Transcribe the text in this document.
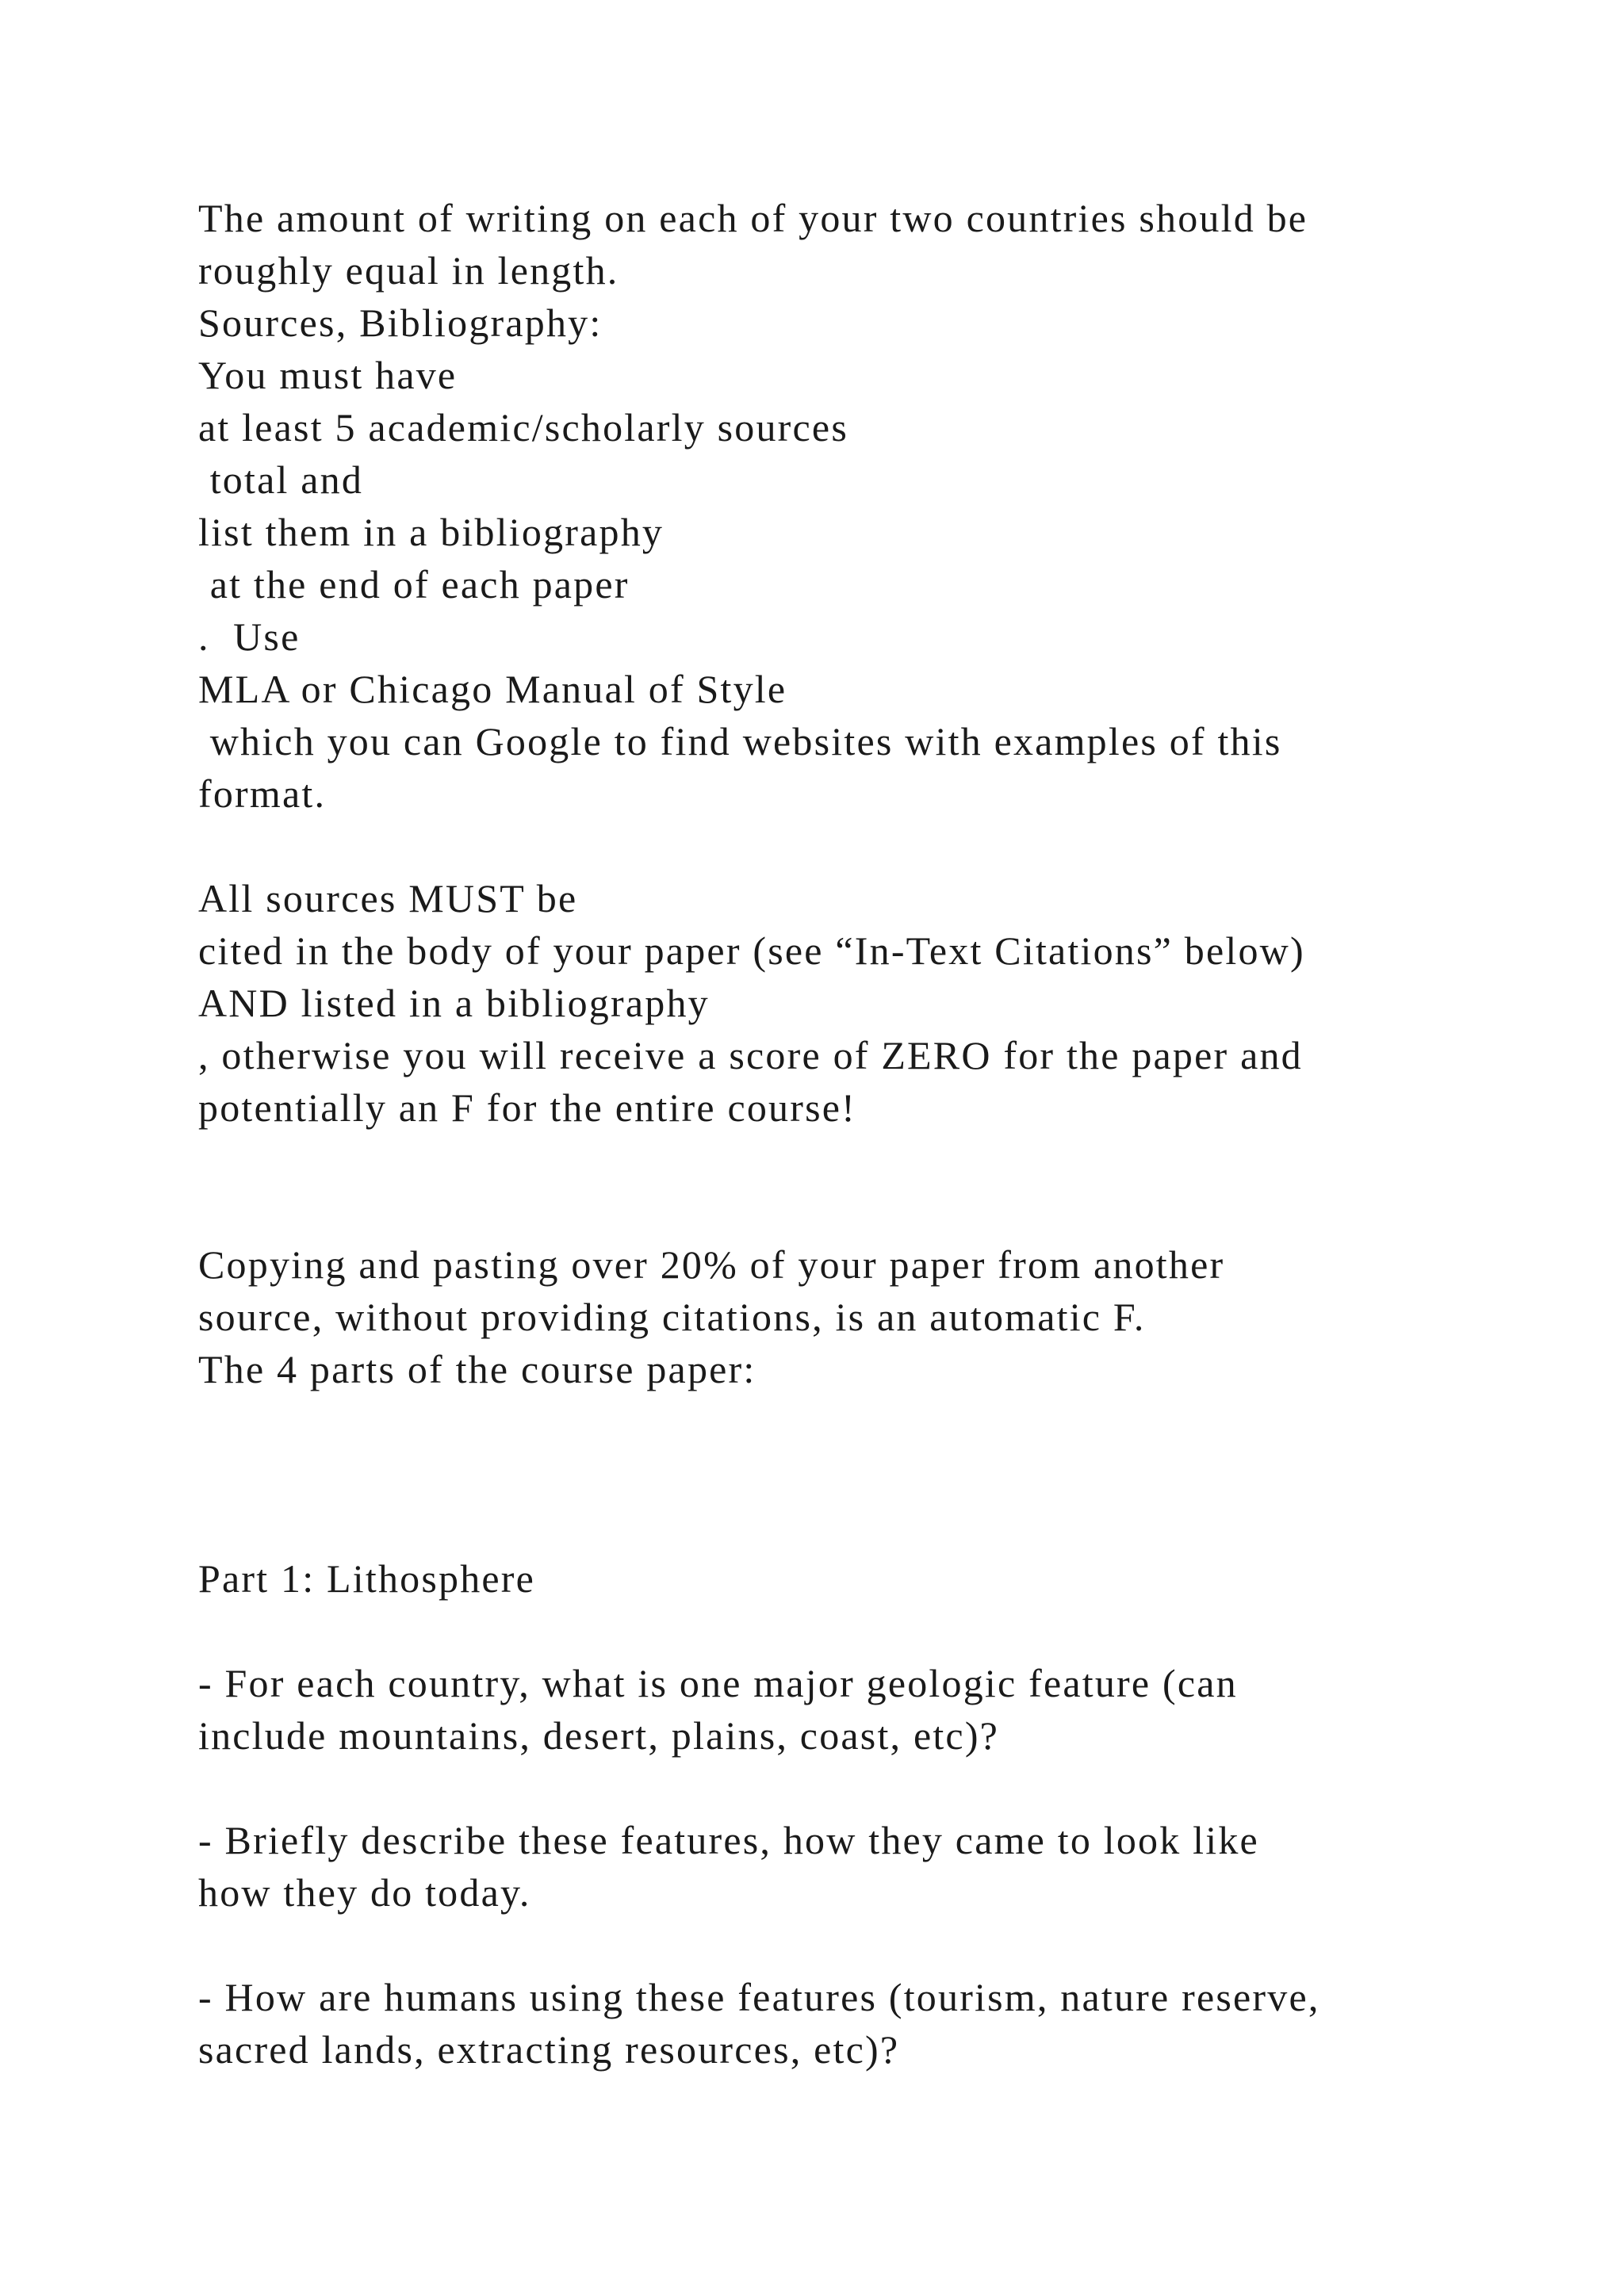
The amount of writing on each of your two countries should be
roughly equal in length.
Sources, Bibliography:
You must have
at least 5 academic/scholarly sources
total and
list them in a bibliography
at the end of each paper
.  Use
MLA or Chicago Manual of Style
which you can Google to find websites with examples of this
format.
All sources MUST be
cited in the body of your paper (see “In-Text Citations” below)
AND listed in a bibliography
, otherwise you will receive a score of ZERO for the paper and
potentially an F for the entire course!
Copying and pasting over 20% of your paper from another
source, without providing citations, is an automatic F.
The 4 parts of the course paper:
Part 1: Lithosphere
- For each country, what is one major geologic feature (can
include mountains, desert, plains, coast, etc)?
- Briefly describe these features, how they came to look like
how they do today.
- How are humans using these features (tourism, nature reserve,
sacred lands, extracting resources, etc)?
